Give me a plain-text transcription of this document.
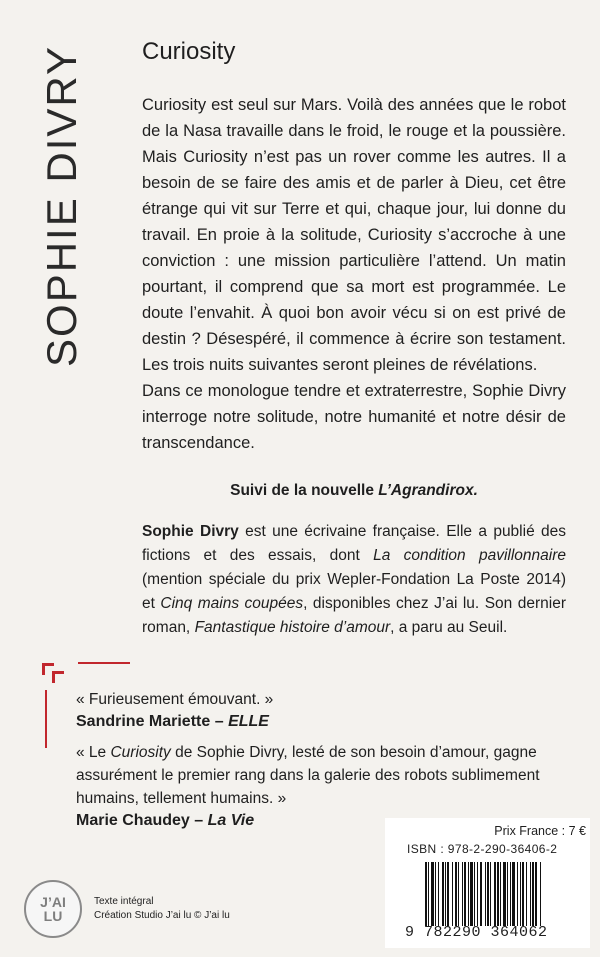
SOPHIE DIVRY Curiosity

Curiosity est seul sur Mars. Voilà des années que le robot de la Nasa travaille dans le froid, le rouge et la poussière. Mais Curiosity n’est pas un rover comme les autres. Il a besoin de se faire des amis et de parler à Dieu, cet être étrange qui vit sur Terre et qui, chaque jour, lui donne du travail. En proie à la solitude, Curiosity s’accroche à une conviction : une mission particulière l’attend. Un matin pourtant, il comprend que sa mort est programmée. Le doute l’envahit. À quoi bon avoir vécu si on est privé de destin ? Désespéré, il commence à écrire son testament. Les trois nuits suivantes seront pleines de révélations.

Dans ce monologue tendre et extraterrestre, Sophie Divry interroge notre solitude, notre humanité et notre désir de transcendance.

Suivi de la nouvelle L’Agrandirox.

Sophie Divry est une écrivaine française. Elle a publié des fictions et des essais, dont La condition pavillonnaire (mention spéciale du prix Wepler-Fondation La Poste 2014) et Cinq mains coupées, disponibles chez J’ai lu. Son dernier roman, Fantastique histoire d’amour, a paru au Seuil.

« Furieusement émouvant. »

Sandrine Mariette – ELLE

« Le Curiosity de Sophie Divry, lesté de son besoin d’amour, gagne assurément le premier rang dans la galerie des robots sublimement humains, tellement humains. »

Marie Chaudey – La Vie
J’AI
LU
Texte intégral
Création Studio J’ai lu © J’ai lu
Prix France : 7 €
ISBN : 978-2-290-36406-2
9 782290 364062
